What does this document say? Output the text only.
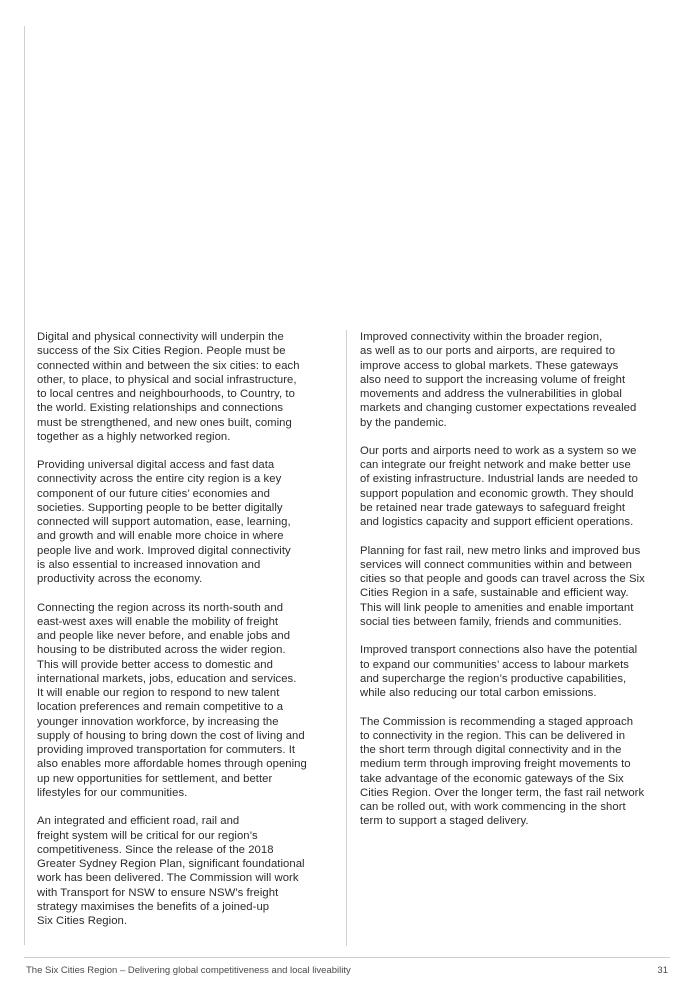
Digital and physical connectivity will underpin the
success of the Six Cities Region. People must be
connected within and between the six cities: to each
other, to place, to physical and social infrastructure,
to local centres and neighbourhoods, to Country, to
the world. Existing relationships and connections
must be strengthened, and new ones built, coming
together as a highly networked region.

Providing universal digital access and fast data
connectivity across the entire city region is a key
component of our future cities’ economies and
societies. Supporting people to be better digitally
connected will support automation, ease, learning,
and growth and will enable more choice in where
people live and work. Improved digital connectivity
is also essential to increased innovation and
productivity across the economy.

Connecting the region across its north-south and
east-west axes will enable the mobility of freight
and people like never before, and enable jobs and
housing to be distributed across the wider region.
This will provide better access to domestic and
international markets, jobs, education and services.
It will enable our region to respond to new talent
location preferences and remain competitive to a
younger innovation workforce, by increasing the
supply of housing to bring down the cost of living and
providing improved transportation for commuters. It
also enables more affordable homes through opening
up new opportunities for settlement, and better
lifestyles for our communities.

An integrated and efficient road, rail and
freight system will be critical for our region’s
competitiveness. Since the release of the 2018
Greater Sydney Region Plan, significant foundational
work has been delivered. The Commission will work
with Transport for NSW to ensure NSW’s freight
strategy maximises the benefits of a joined-up
Six Cities Region.

Improved connectivity within the broader region,
as well as to our ports and airports, are required to
improve access to global markets. These gateways
also need to support the increasing volume of freight
movements and address the vulnerabilities in global
markets and changing customer expectations revealed
by the pandemic.

Our ports and airports need to work as a system so we
can integrate our freight network and make better use
of existing infrastructure. Industrial lands are needed to
support population and economic growth. They should
be retained near trade gateways to safeguard freight
and logistics capacity and support efficient operations.

Planning for fast rail, new metro links and improved bus
services will connect communities within and between
cities so that people and goods can travel across the Six
Cities Region in a safe, sustainable and efficient way.
This will link people to amenities and enable important
social ties between family, friends and communities.

Improved transport connections also have the potential
to expand our communities’ access to labour markets
and supercharge the region’s productive capabilities,
while also reducing our total carbon emissions.

The Commission is recommending a staged approach
to connectivity in the region. This can be delivered in
the short term through digital connectivity and in the
medium term through improving freight movements to
take advantage of the economic gateways of the Six
Cities Region. Over the longer term, the fast rail network
can be rolled out, with work commencing in the short
term to support a staged delivery.

The Six Cities Region – Delivering global competitiveness and local liveability	31
